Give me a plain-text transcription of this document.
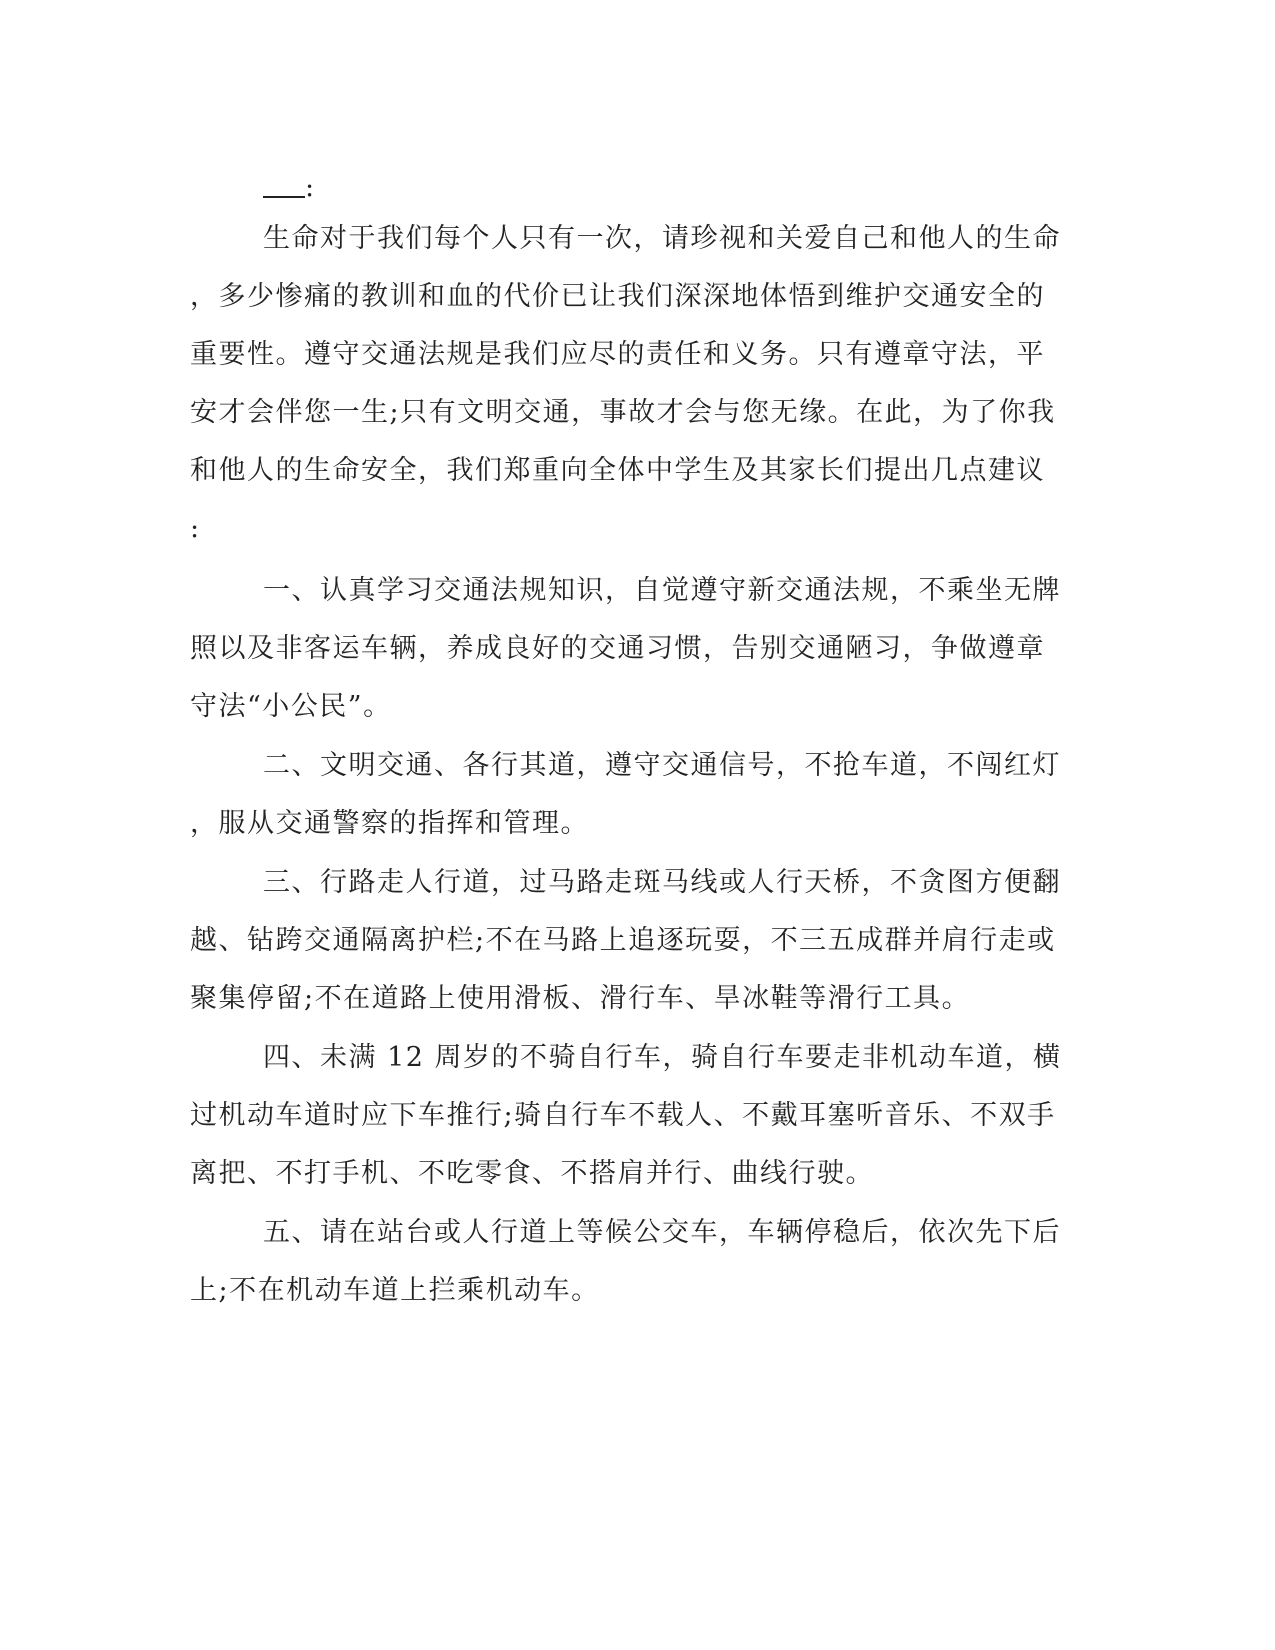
:
生命对于我们每个人只有一次，请珍视和关爱自己和他人的生命
，多少惨痛的教训和血的代价已让我们深深地体悟到维护交通安全的
重要性。遵守交通法规是我们应尽的责任和义务。只有遵章守法，平
安才会伴您一生;只有文明交通，事故才会与您无缘。在此，为了你我
和他人的生命安全，我们郑重向全体中学生及其家长们提出几点建议
:
一、认真学习交通法规知识，自觉遵守新交通法规，不乘坐无牌
照以及非客运车辆，养成良好的交通习惯，告别交通陋习，争做遵章
守法“小公民”。
二、文明交通、各行其道，遵守交通信号，不抢车道，不闯红灯
，服从交通警察的指挥和管理。
三、行路走人行道，过马路走斑马线或人行天桥，不贪图方便翻
越、钻跨交通隔离护栏;不在马路上追逐玩耍，不三五成群并肩行走或
聚集停留;不在道路上使用滑板、滑行车、旱冰鞋等滑行工具。
四、未满 12 周岁的不骑自行车，骑自行车要走非机动车道，横
过机动车道时应下车推行;骑自行车不载人、不戴耳塞听音乐、不双手
离把、不打手机、不吃零食、不搭肩并行、曲线行驶。
五、请在站台或人行道上等候公交车，车辆停稳后，依次先下后
上;不在机动车道上拦乘机动车。
